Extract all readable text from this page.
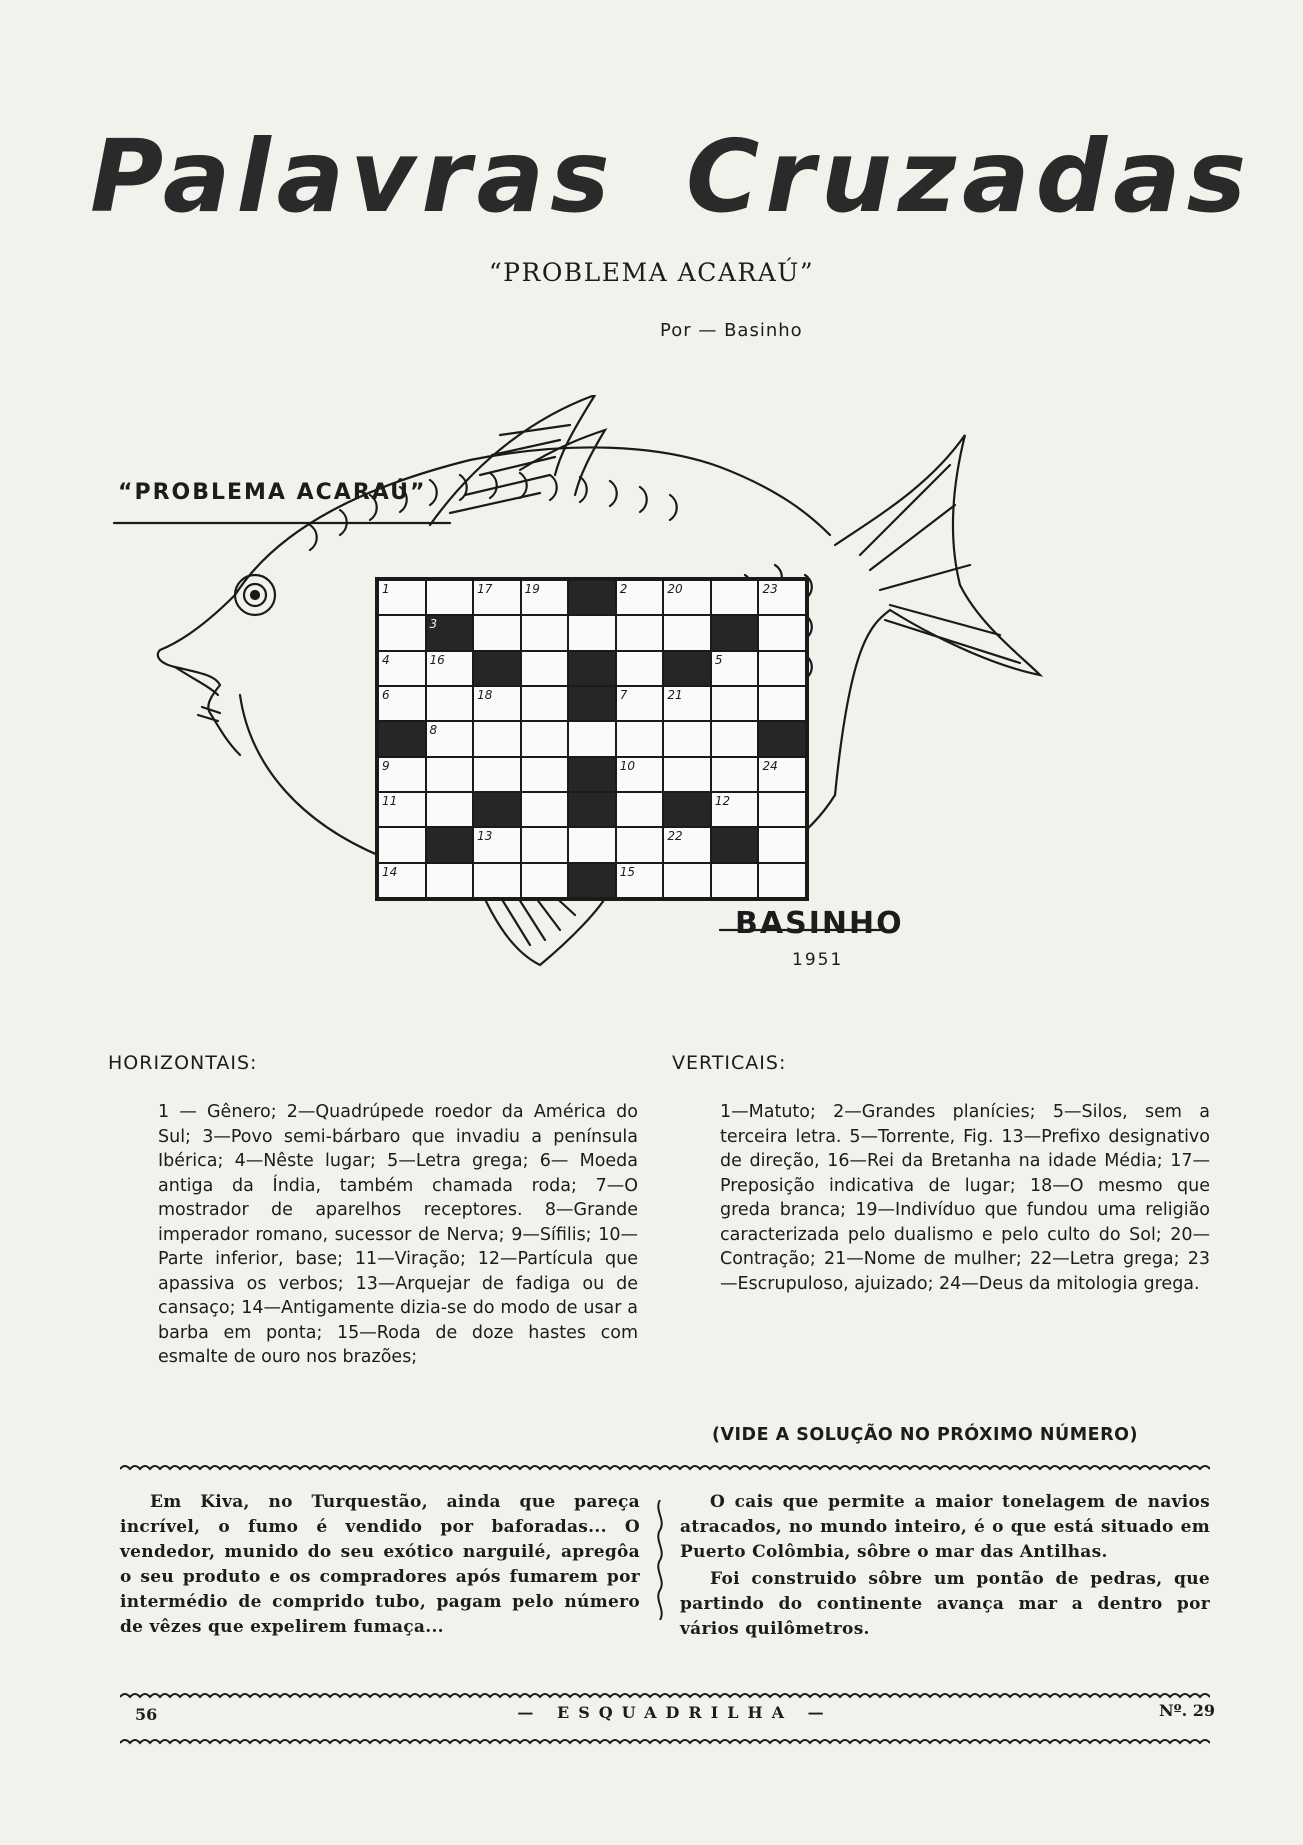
Palavras Cruzadas
“PROBLEMA ACARAÚ”
Por — Basinho
“PROBLEMA ACARAÚ”
BASINHO
1951
1	17	19	2	20	23
3
4	16	5
6	18	7	21
8
9	10	24
11	12
13	22
14	15
HORIZONTAIS:	VERTICAIS:
1 — Gênero; 2—Quadrúpede roedor da América do Sul; 3—Povo semi-bárbaro que invadiu a península Ibérica; 4—Nêste lugar; 5—Letra grega; 6— Moeda antiga da Índia, também chamada roda; 7—O mostrador de aparelhos receptores. 8—Grande imperador romano, sucessor de Nerva; 9—Sífilis; 10—Parte inferior, base; 11—Viração; 12—Partícula que apassiva os verbos; 13—Arquejar de fadiga ou de cansaço; 14—Antigamente dizia-se do modo de usar a barba em ponta; 15—Roda de doze hastes com esmalte de ouro nos brazões;
1—Matuto; 2—Grandes planícies; 5—Silos, sem a terceira letra. 5—Torrente, Fig. 13—Prefixo designativo de direção, 16—Rei da Bretanha na idade Média; 17—Preposição indicativa de lugar; 18—O mesmo que greda branca; 19—Indivíduo que fundou uma religião caracterizada pelo dualismo e pelo culto do Sol; 20—Contração; 21—Nome de mulher; 22—Letra grega; 23—Escrupuloso, ajuizado; 24—Deus da mitologia grega.
(VIDE A SOLUÇÃO NO PRÓXIMO NÚMERO)

Em Kiva, no Turquestão, ainda que pareça incrível, o fumo é vendido por baforadas... O vendedor, munido do seu exótico narguilé, apregôa o seu produto e os compradores após fumarem por intermédio de comprido tubo, pagam pelo número de vêzes que expelirem fumaça...

O cais que permite a maior tonelagem de navios atracados, no mundo inteiro, é o que está situado em Puerto Colômbia, sôbre o mar das Antilhas.

Foi construido sôbre um pontão de pedras, que partindo do continente avança mar a dentro por vários quilômetros.

56	— ESQUADRILHA —	Nº. 29
